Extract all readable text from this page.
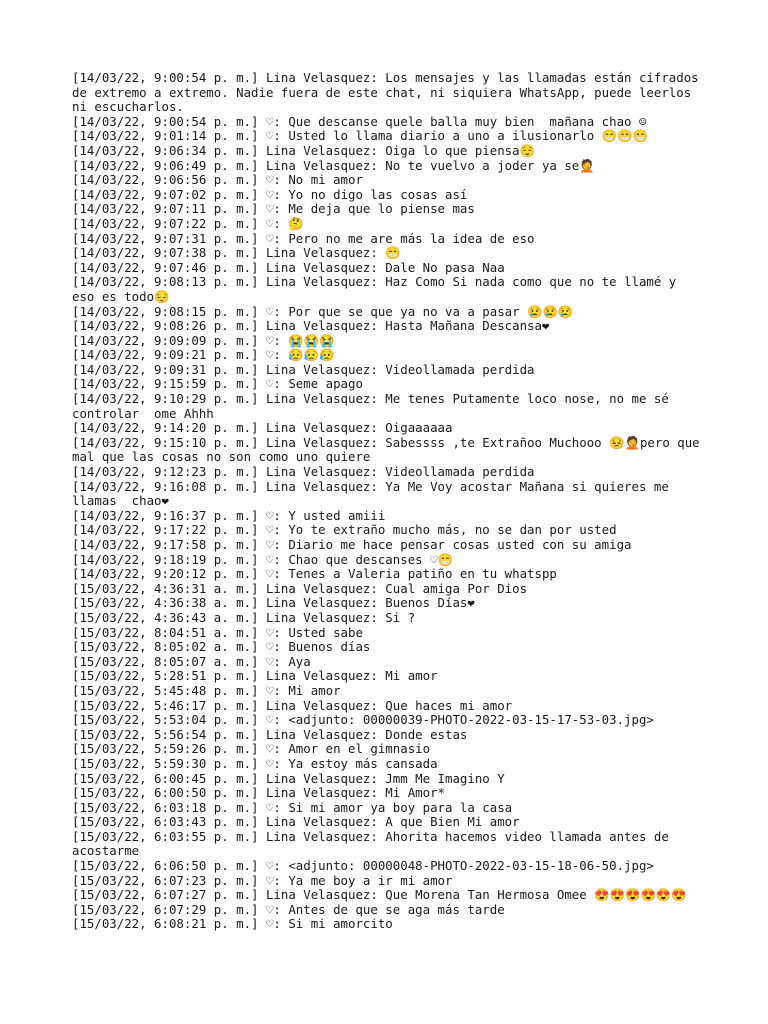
[14/03/22, 9:00:54 p. m.] Lina Velasquez: Los mensajes y las llamadas están cifrados de extremo a extremo. Nadie fuera de este chat, ni siquiera WhatsApp, puede leerlos ni escucharlos.
[14/03/22, 9:00:54 p. m.] ♡: Que descanse quele balla muy bien  mañana chao ☺
[14/03/22, 9:01:14 p. m.] ♡: Usted lo llama diario a uno a ilusionarlo 😁😁😁
[14/03/22, 9:06:34 p. m.] Lina Velasquez: Oiga lo que piensa😌
[14/03/22, 9:06:49 p. m.] Lina Velasquez: No te vuelvo a joder ya se🤦
[14/03/22, 9:06:56 p. m.] ♡: No mi amor
[14/03/22, 9:07:02 p. m.] ♡: Yo no digo las cosas así
[14/03/22, 9:07:11 p. m.] ♡: Me deja que lo piense mas
[14/03/22, 9:07:22 p. m.] ♡: 🤔
[14/03/22, 9:07:31 p. m.] ♡: Pero no me are más la idea de eso
[14/03/22, 9:07:38 p. m.] Lina Velasquez: 😁
[14/03/22, 9:07:46 p. m.] Lina Velasquez: Dale No pasa Naa
[14/03/22, 9:08:13 p. m.] Lina Velasquez: Haz Como Si nada como que no te llamé y eso es todo😔
[14/03/22, 9:08:15 p. m.] ♡: Por que se que ya no va a pasar 😢😢😢
[14/03/22, 9:08:26 p. m.] Lina Velasquez: Hasta Mañana Descansa❤
[14/03/22, 9:09:09 p. m.] ♡: 😭😭😭
[14/03/22, 9:09:21 p. m.] ♡: 😥😥😥
[14/03/22, 9:09:31 p. m.] Lina Velasquez: Videollamada perdida
[14/03/22, 9:15:59 p. m.] ♡: Seme apago
[14/03/22, 9:10:29 p. m.] Lina Velasquez: Me tenes Putamente loco nose, no me sé controlar  ome Ahhh
[14/03/22, 9:14:20 p. m.] Lina Velasquez: Oigaaaaaa
[14/03/22, 9:15:10 p. m.] Lina Velasquez: Sabessss ,te Extrañoo Muchooo 😣🤦pero que mal que las cosas no son como uno quiere
[14/03/22, 9:12:23 p. m.] Lina Velasquez: Videollamada perdida
[14/03/22, 9:16:08 p. m.] Lina Velasquez: Ya Me Voy acostar Mañana si quieres me llamas  chao❤
[14/03/22, 9:16:37 p. m.] ♡: Y usted amiii
[14/03/22, 9:17:22 p. m.] ♡: Yo te extraño mucho más, no se dan por usted
[14/03/22, 9:17:58 p. m.] ♡: Diario me hace pensar cosas usted con su amiga
[14/03/22, 9:18:19 p. m.] ♡: Chao que descanses ♡😁
[14/03/22, 9:20:12 p. m.] ♡: Tenes a Valeria patiño en tu whatspp
[15/03/22, 4:36:31 a. m.] Lina Velasquez: Cual amiga Por Dios
[15/03/22, 4:36:38 a. m.] Lina Velasquez: Buenos Días❤
[15/03/22, 4:36:43 a. m.] Lina Velasquez: Si ?
[15/03/22, 8:04:51 a. m.] ♡: Usted sabe
[15/03/22, 8:05:02 a. m.] ♡: Buenos días
[15/03/22, 8:05:07 a. m.] ♡: Aya
[15/03/22, 5:28:51 p. m.] Lina Velasquez: Mi amor
[15/03/22, 5:45:48 p. m.] ♡: Mi amor
[15/03/22, 5:46:17 p. m.] Lina Velasquez: Que haces mi amor
[15/03/22, 5:53:04 p. m.] ♡: <adjunto: 00000039-PHOTO-2022-03-15-17-53-03.jpg>
[15/03/22, 5:56:54 p. m.] Lina Velasquez: Donde estas
[15/03/22, 5:59:26 p. m.] ♡: Amor en el gimnasio
[15/03/22, 5:59:30 p. m.] ♡: Ya estoy más cansada
[15/03/22, 6:00:45 p. m.] Lina Velasquez: Jmm Me Imagino Y
[15/03/22, 6:00:50 p. m.] Lina Velasquez: Mi Amor*
[15/03/22, 6:03:18 p. m.] ♡: Si mi amor ya boy para la casa
[15/03/22, 6:03:43 p. m.] Lina Velasquez: A que Bien Mi amor
[15/03/22, 6:03:55 p. m.] Lina Velasquez: Ahorita hacemos video llamada antes de acostarme
[15/03/22, 6:06:50 p. m.] ♡: <adjunto: 00000048-PHOTO-2022-03-15-18-06-50.jpg>
[15/03/22, 6:07:23 p. m.] ♡: Ya me boy a ir mi amor
[15/03/22, 6:07:27 p. m.] Lina Velasquez: Que Morena Tan Hermosa Omee 😍😍😍😍😍😍
[15/03/22, 6:07:29 p. m.] ♡: Antes de que se aga más tarde
[15/03/22, 6:08:21 p. m.] ♡: Si mi amorcito
